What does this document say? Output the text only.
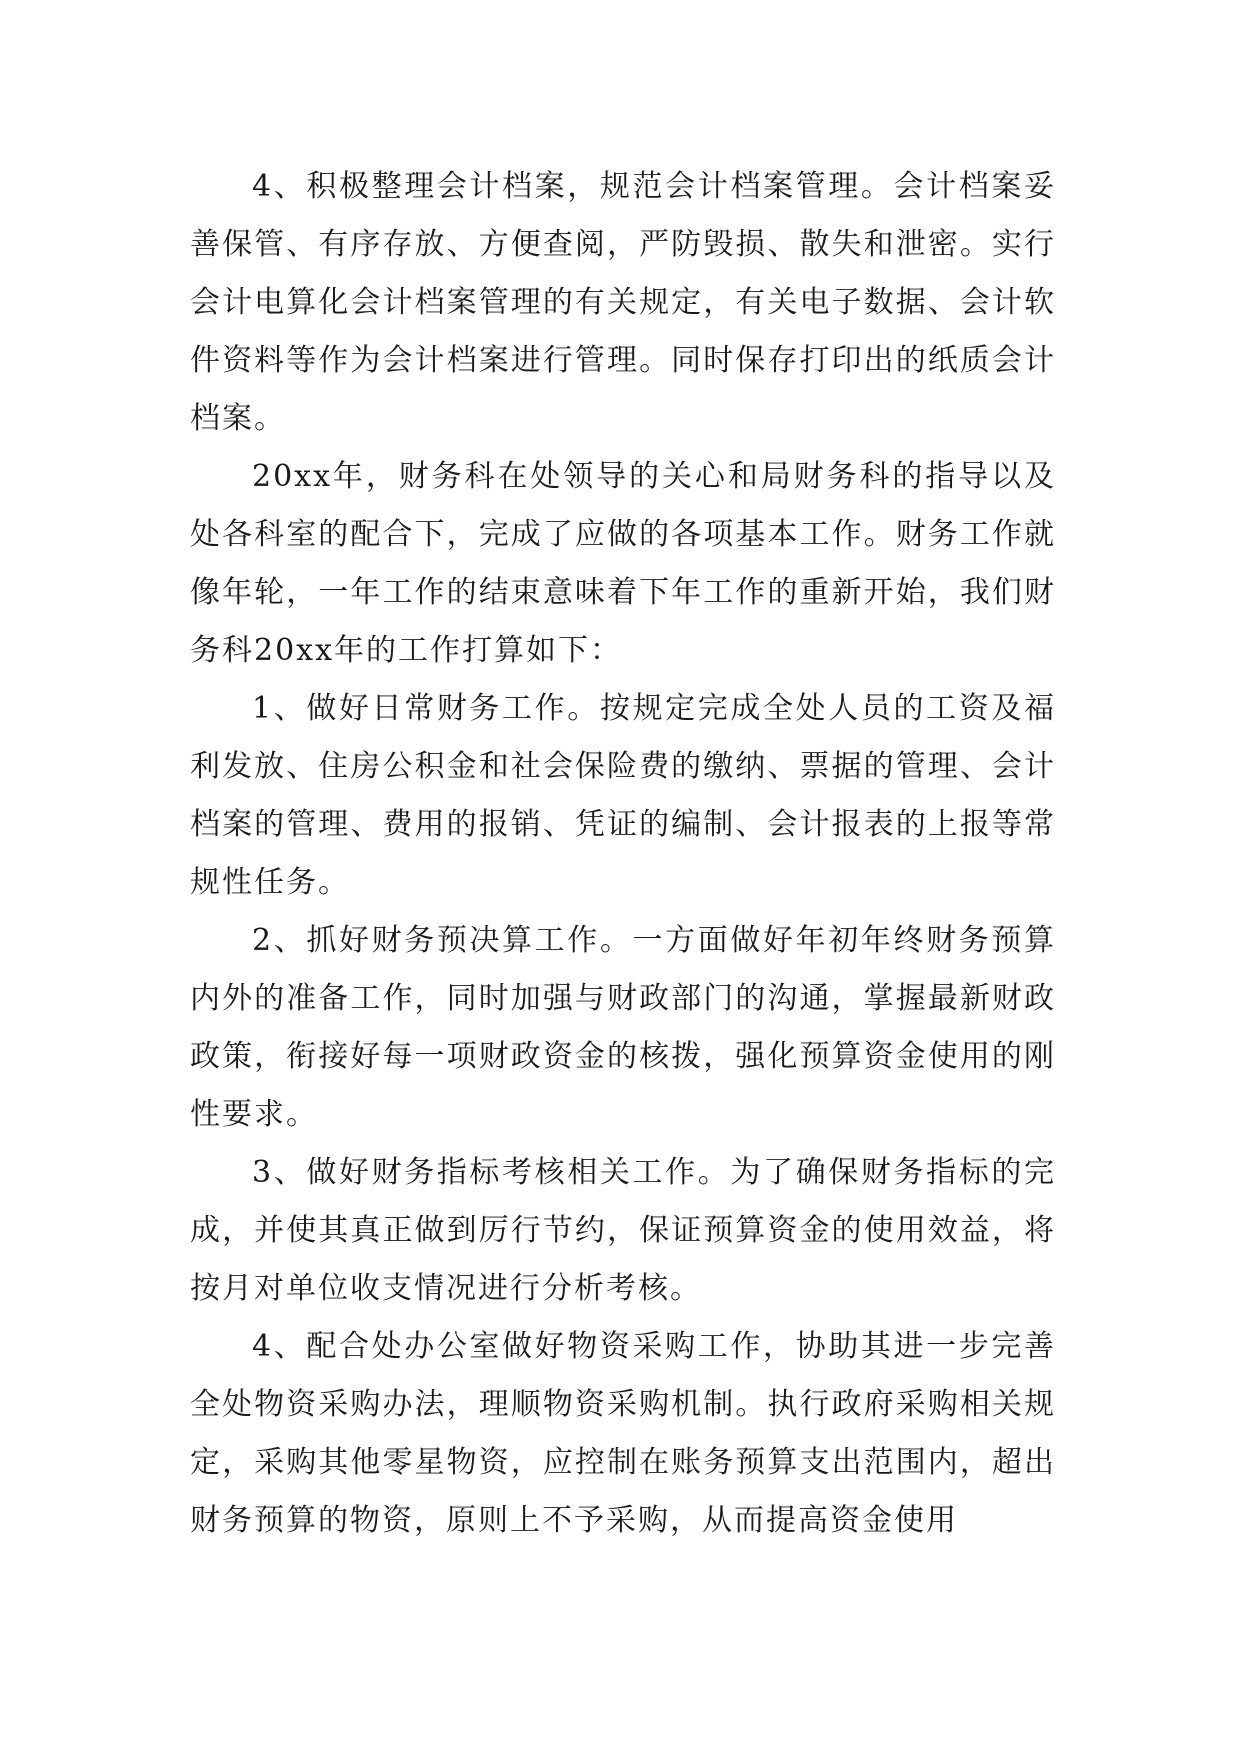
4、积极整理会计档案，规范会计档案管理。会计档案妥善保管、有序存放、方便查阅，严防毁损、散失和泄密。实行会计电算化会计档案管理的有关规定，有关电子数据、会计软件资料等作为会计档案进行管理。同时保存打印出的纸质会计档案。

20xx年，财务科在处领导的关心和局财务科的指导以及处各科室的配合下，完成了应做的各项基本工作。财务工作就像年轮，一年工作的结束意味着下年工作的重新开始，我们财务科20xx年的工作打算如下：

1、做好日常财务工作。按规定完成全处人员的工资及福利发放、住房公积金和社会保险费的缴纳、票据的管理、会计档案的管理、费用的报销、凭证的编制、会计报表的上报等常规性任务。

2、抓好财务预决算工作。一方面做好年初年终财务预算内外的准备工作，同时加强与财政部门的沟通，掌握最新财政政策，衔接好每一项财政资金的核拨，强化预算资金使用的刚性要求。

3、做好财务指标考核相关工作。为了确保财务指标的完成，并使其真正做到厉行节约，保证预算资金的使用效益，将按月对单位收支情况进行分析考核。

4、配合处办公室做好物资采购工作，协助其进一步完善全处物资采购办法，理顺物资采购机制。执行政府采购相关规定，采购其他零星物资，应控制在账务预算支出范围内，超出财务预算的物资，原则上不予采购，从而提高资金使用
